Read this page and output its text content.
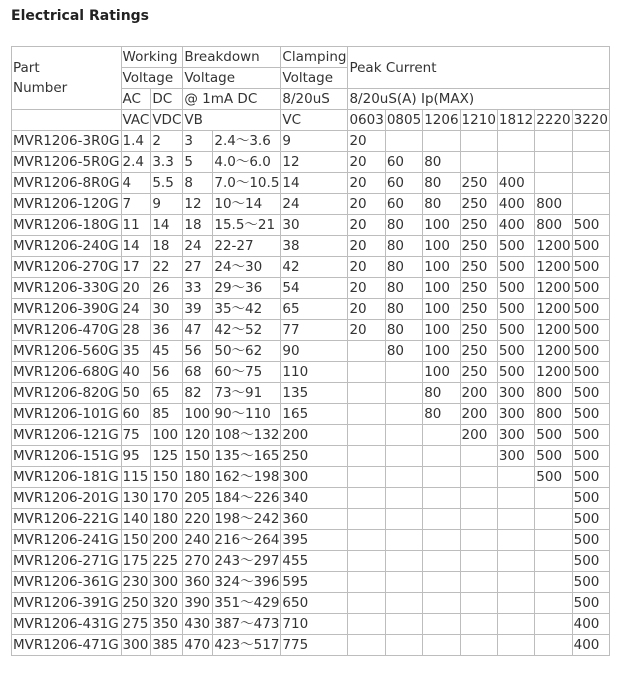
Electrical Ratings
Part
Number	Working		Breakdown		Clamping	Peak Current						
	Voltage		Voltage		Voltage							
	AC	DC	@ 1mA DC		8/20uS	8/20uS(A) Ip(MAX)						
	VAC	VDC	VB		VC	0603	0805	1206	1210	1812	2220	3220
MVR1206-3R0G	1.4	2	3	2.4～3.6	9	20						
MVR1206-5R0G	2.4	3.3	5	4.0～6.0	12	20	60	80				
MVR1206-8R0G	4	5.5	8	7.0～10.5	14	20	60	80	250	400		
MVR1206-120G	7	9	12	10～14	24	20	60	80	250	400	800	
MVR1206-180G	11	14	18	15.5～21	30	20	80	100	250	400	800	500
MVR1206-240G	14	18	24	22-27	38	20	80	100	250	500	1200	500
MVR1206-270G	17	22	27	24～30	42	20	80	100	250	500	1200	500
MVR1206-330G	20	26	33	29～36	54	20	80	100	250	500	1200	500
MVR1206-390G	24	30	39	35～42	65	20	80	100	250	500	1200	500
MVR1206-470G	28	36	47	42～52	77	20	80	100	250	500	1200	500
MVR1206-560G	35	45	56	50～62	90		80	100	250	500	1200	500
MVR1206-680G	40	56	68	60～75	110			100	250	500	1200	500
MVR1206-820G	50	65	82	73～91	135			80	200	300	800	500
MVR1206-101G	60	85	100	90～110	165			80	200	300	800	500
MVR1206-121G	75	100	120	108～132	200				200	300	500	500
MVR1206-151G	95	125	150	135～165	250					300	500	500
MVR1206-181G	115	150	180	162～198	300						500	500
MVR1206-201G	130	170	205	184～226	340							500
MVR1206-221G	140	180	220	198～242	360							500
MVR1206-241G	150	200	240	216～264	395							500
MVR1206-271G	175	225	270	243～297	455							500
MVR1206-361G	230	300	360	324～396	595							500
MVR1206-391G	250	320	390	351～429	650							500
MVR1206-431G	275	350	430	387～473	710							400
MVR1206-471G	300	385	470	423～517	775							400
